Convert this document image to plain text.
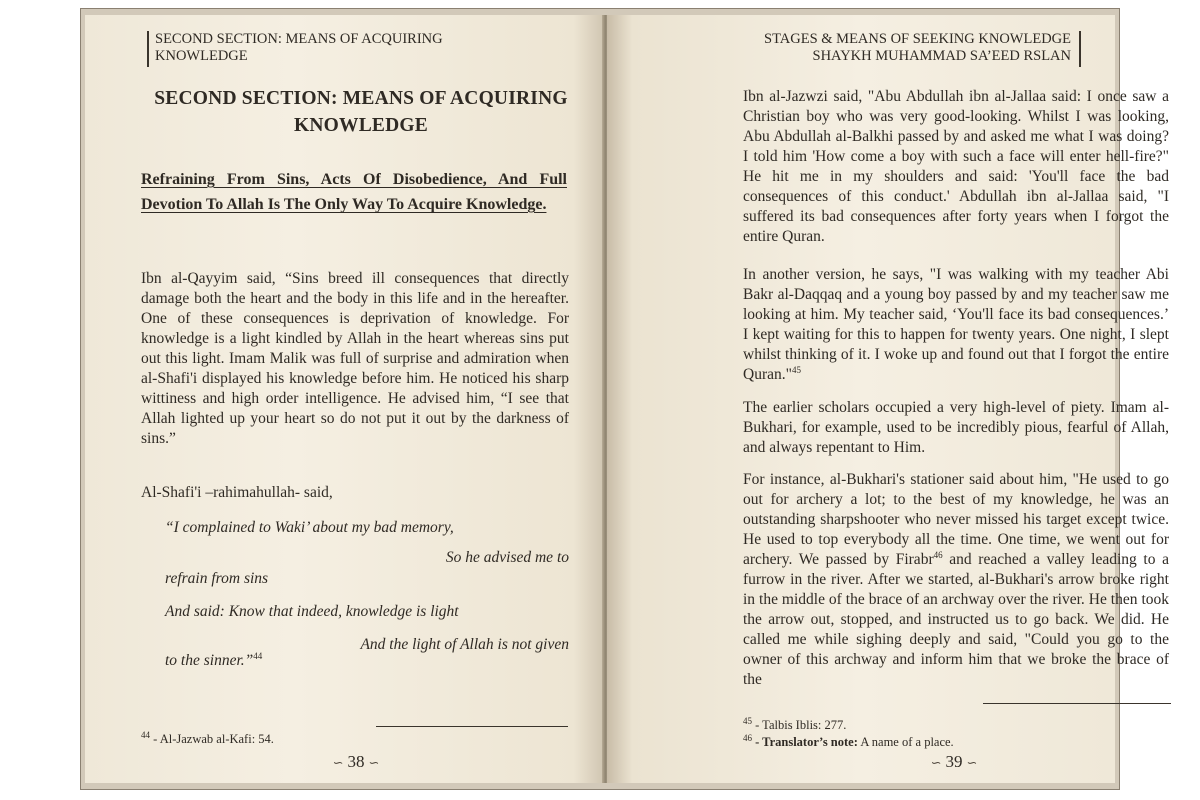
SECOND SECTION: MEANS OF ACQUIRING
KNOWLEDGE
SECOND SECTION: MEANS OF ACQUIRING
KNOWLEDGE
Refraining From Sins, Acts Of Disobedience, And Full Devotion To Allah Is The Only Way To Acquire Knowledge.

Ibn al-Qayyim said, “Sins breed ill consequences that directly damage both the heart and the body in this life and in the hereafter. One of these consequences is deprivation of knowledge. For knowledge is a light kindled by Allah in the heart whereas sins put out this light. Imam Malik was full of surprise and admiration when al-Shafi'i displayed his knowledge before him. He noticed his sharp wittiness and high order intelligence. He advised him, “I see that Allah lighted up your heart so do not put it out by the darkness of sins.”

Al-Shafi'i –rahimahullah- said,

“I complained to Waki’ about my bad memory,

So he advised me to

refrain from sins

And said: Know that indeed, knowledge is light

And the light of Allah is not given

to the sinner.”$^{44}$

$^{44}$ - Al-Jazwab al-Kafi: 54.
∽ 38 ∽
STAGES & MEANS OF SEEKING KNOWLEDGE
SHAYKH MUHAMMAD SA’EED RSLAN

Ibn al-Jazwzi said, "Abu Abdullah ibn al-Jallaa said: I once saw a Christian boy who was very good-looking. Whilst I was looking, Abu Abdullah al-Balkhi passed by and asked me what I was doing? I told him 'How come a boy with such a face will enter hell-fire?" He hit me in my shoulders and said: 'You'll face the bad consequences of this conduct.' Abdullah ibn al-Jallaa said, "I suffered its bad consequences after forty years when I forgot the entire Quran.

In another version, he says, "I was walking with my teacher Abi Bakr al-Daqqaq and a young boy passed by and my teacher saw me looking at him. My teacher said, ‘You'll face its bad consequences.’ I kept waiting for this to happen for twenty years. One night, I slept whilst thinking of it. I woke up and found out that I forgot the entire Quran."$^{45}$

The earlier scholars occupied a very high-level of piety. Imam al-Bukhari, for example, used to be incredibly pious, fearful of Allah, and always repentant to Him.

For instance, al-Bukhari's stationer said about him, "He used to go out for archery a lot; to the best of my knowledge, he was an outstanding sharpshooter who never missed his target except twice. He used to top everybody all the time. One time, we went out for archery. We passed by Firabr$^{46}$ and reached a valley leading to a furrow in the river. After we started, al-Bukhari's arrow broke right in the middle of the brace of an archway over the river. He then took the arrow out, stopped, and instructed us to go back. We did. He called me while sighing deeply and said, "Could you go to the owner of this archway and inform him that we broke the brace of the

$^{45}$ - Talbis Iblis: 277.
$^{46}$ - Translator’s note: A name of a place.
∽ 39 ∽
